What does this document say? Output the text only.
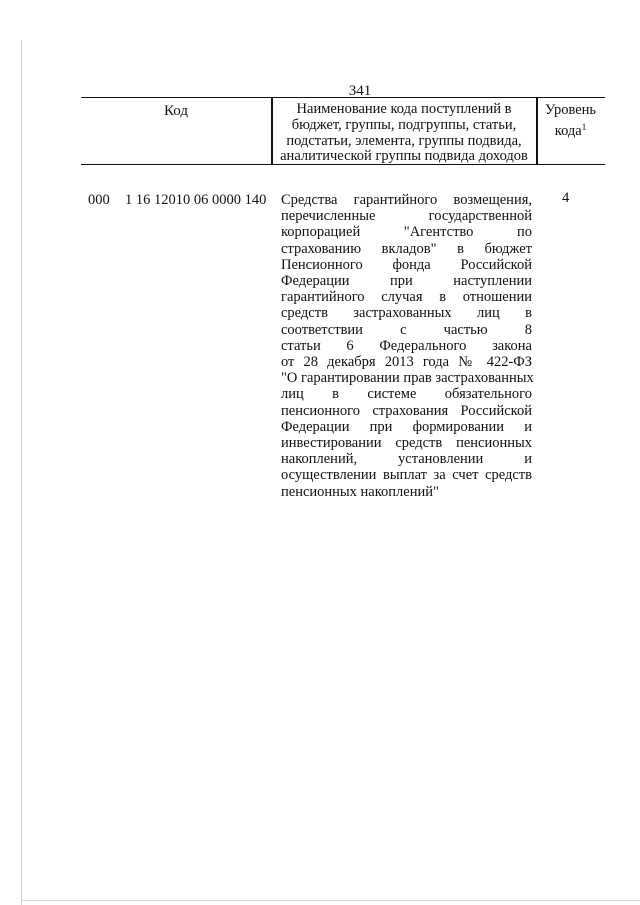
341
Код	Наименование кода поступлений в
бюджет, группы, подгруппы, статьи,
подстатьи, элемента, группы подвида,
аналитической группы подвида доходов
Уровень
кода$^1$
000 1 16 12010 06 0000 140	4
Средства гарантийного возмещения,
перечисленные государственной
корпорацией "Агентство по
страхованию вкладов" в бюджет
Пенсионного фонда Российской
Федерации при наступлении
гарантийного случая в отношении
средств застрахованных лиц в
соответствии с частью 8
статьи 6 Федерального закона
от 28 декабря 2013 года № 422-ФЗ
"О гарантировании прав застрахованных
лиц в системе обязательного
пенсионного страхования Российской
Федерации при формировании и
инвестировании средств пенсионных
накоплений, установлении и
осуществлении выплат за счет средств
пенсионных накоплений"
